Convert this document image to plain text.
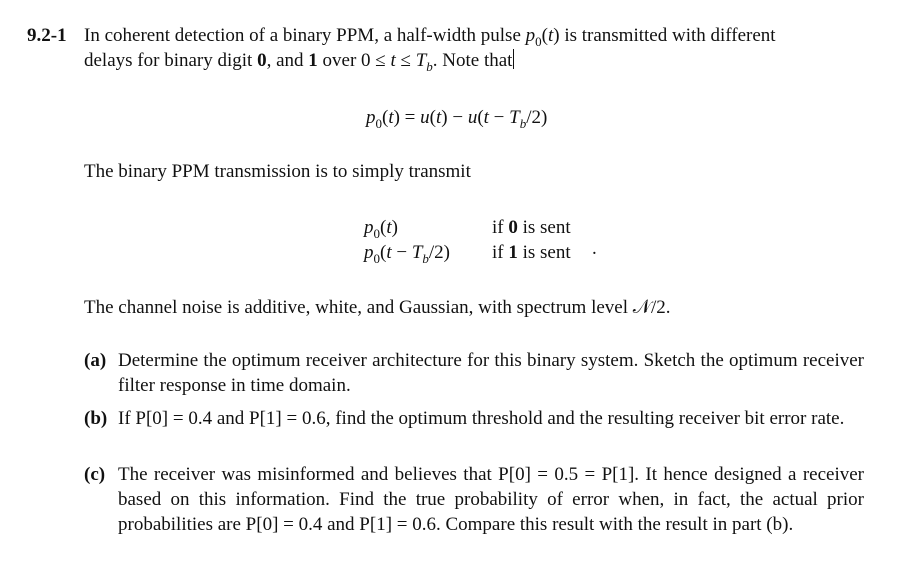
9.2-1 In coherent detection of a binary PPM, a half-width pulse $p_0(t)$ is transmitted with different
delays for binary digit 0, and 1 over $0 \le t \le T_b$. Note that
$p_0(t) = u(t) - u(t - T_b/2)$
The binary PPM transmission is to simply transmit
$p_0(t)$	if 0 is sent
$p_0(t - T_b/2)$ if 1 is sent .
The channel noise is additive, white, and Gaussian, with spectrum level 𝒩/2.
(a) Determine the optimum receiver architecture for this binary system. Sketch the optimum receiver filter response in time domain.
(b) If P[0] = 0.4 and P[1] = 0.6, find the optimum threshold and the resulting receiver bit error rate.
(c) The receiver was misinformed and believes that P[0] = 0.5 = P[1]. It hence designed a receiver based on this information. Find the true probability of error when, in fact, the actual prior probabilities are P[0] = 0.4 and P[1] = 0.6. Compare this result with the result in part (b).
